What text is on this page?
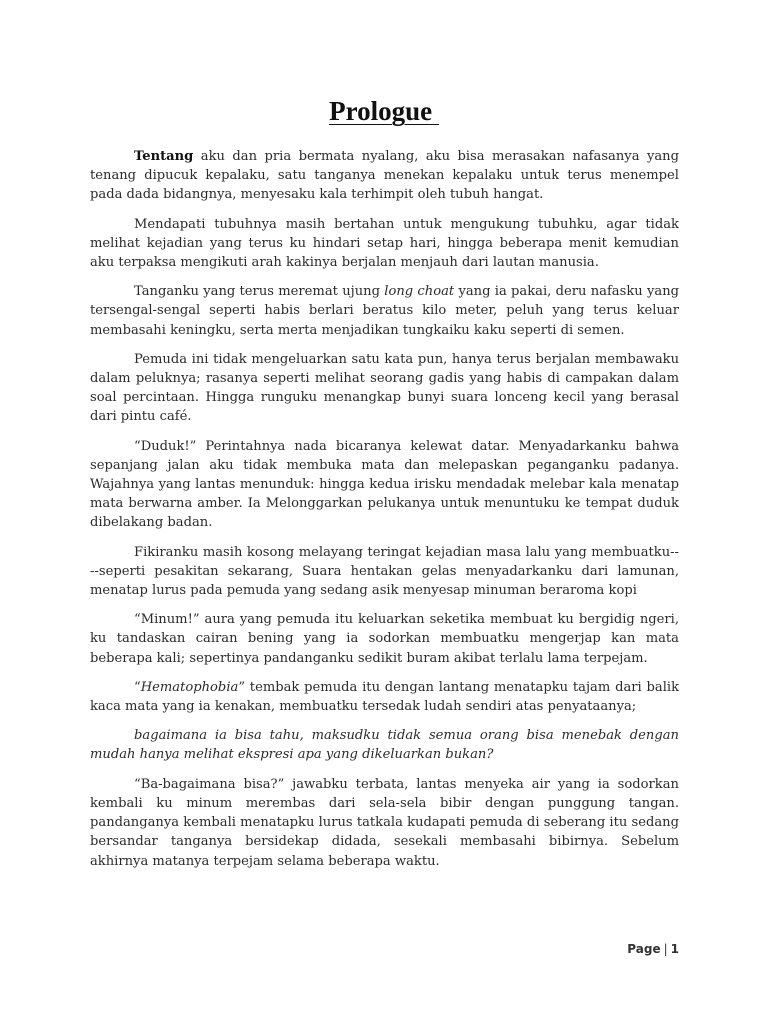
Prologue

Tentang aku dan pria bermata nyalang, aku bisa merasakan nafasanya yang tenang dipucuk kepalaku, satu tanganya menekan kepalaku untuk terus menempel pada dada bidangnya, menyesaku kala terhimpit oleh tubuh hangat.

Mendapati tubuhnya masih bertahan untuk mengukung tubuhku, agar tidak melihat kejadian yang terus ku hindari setap hari, hingga beberapa menit kemudian aku terpaksa mengikuti arah kakinya berjalan menjauh dari lautan manusia.

Tanganku yang terus meremat ujung long choat yang ia pakai, deru nafasku yang tersengal-sengal seperti habis berlari beratus kilo meter, peluh yang terus keluar membasahi keningku, serta merta menjadikan tungkaiku kaku seperti di semen.

Pemuda ini tidak mengeluarkan satu kata pun, hanya terus berjalan membawaku dalam peluknya; rasanya seperti melihat seorang gadis yang habis di campakan dalam soal percintaan. Hingga runguku menangkap bunyi suara lonceng kecil yang berasal dari pintu café.

“Duduk!” Perintahnya nada bicaranya kelewat datar. Menyadarkanku bahwa sepanjang jalan aku tidak membuka mata dan melepaskan peganganku padanya. Wajahnya yang lantas menunduk: hingga kedua irisku mendadak melebar kala menatap mata berwarna amber. Ia Melonggarkan pelukanya untuk menuntuku ke tempat duduk dibelakang badan.

Fikiranku masih kosong melayang teringat kejadian masa lalu yang membuatku----seperti pesakitan sekarang, Suara hentakan gelas menyadarkanku dari lamunan, menatap lurus pada pemuda yang sedang asik menyesap minuman beraroma kopi

“Minum!” aura yang pemuda itu keluarkan seketika membuat ku bergidig ngeri, ku tandaskan cairan bening yang ia sodorkan membuatku mengerjap kan mata beberapa kali; sepertinya pandanganku sedikit buram akibat terlalu lama terpejam.

“Hematophobia” tembak pemuda itu dengan lantang menatapku tajam dari balik kaca mata yang ia kenakan, membuatku tersedak ludah sendiri atas penyataanya;

bagaimana ia bisa tahu, maksudku tidak semua orang bisa menebak dengan mudah hanya melihat ekspresi apa yang dikeluarkan bukan?

“Ba-bagaimana bisa?” jawabku terbata, lantas menyeka air yang ia sodorkan kembali ku minum merembas dari sela-sela bibir dengan punggung tangan. pandanganya kembali menatapku lurus tatkala kudapati pemuda di seberang itu sedang bersandar tanganya bersidekap didada, sesekali membasahi bibirnya. Sebelum akhirnya matanya terpejam selama beberapa waktu.

Page | 1
